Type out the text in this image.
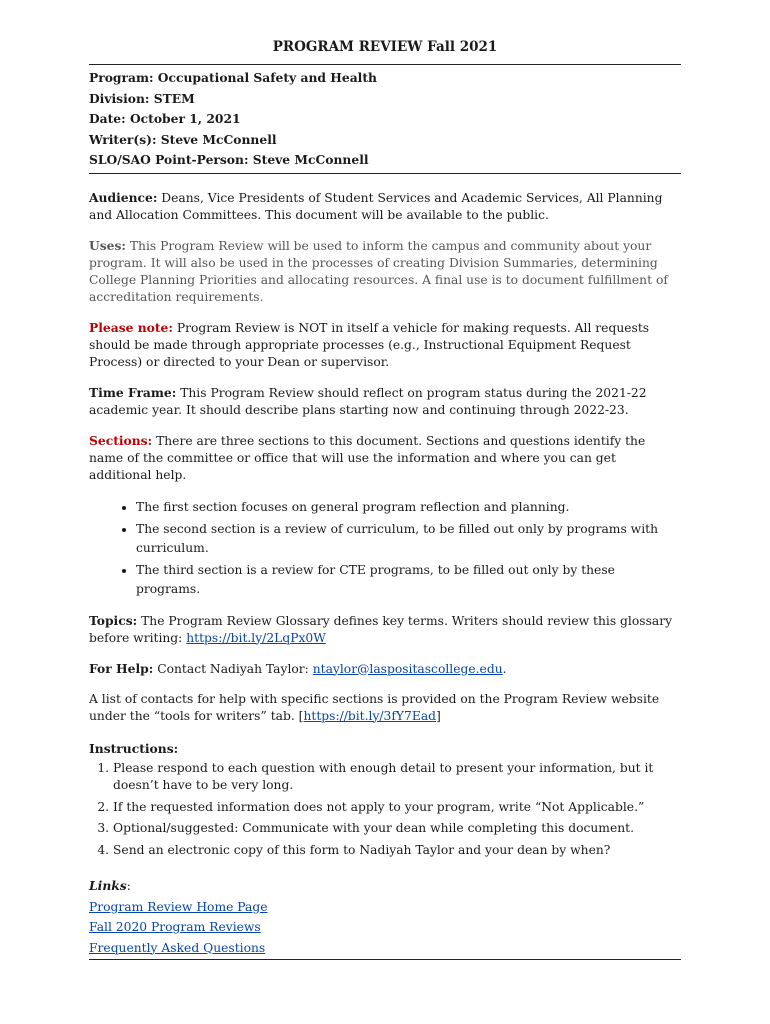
PROGRAM REVIEW Fall 2021
Program: Occupational Safety and Health
Division: STEM
Date: October 1, 2021
Writer(s): Steve McConnell
SLO/SAO Point-Person: Steve McConnell

Audience: Deans, Vice Presidents of Student Services and Academic Services, All Planning and Allocation Committees. This document will be available to the public.

Uses: This Program Review will be used to inform the campus and community about your program. It will also be used in the processes of creating Division Summaries, determining College Planning Priorities and allocating resources. A final use is to document fulfillment of accreditation requirements.

Please note: Program Review is NOT in itself a vehicle for making requests. All requests should be made through appropriate processes (e.g., Instructional Equipment Request Process) or directed to your Dean or supervisor.

Time Frame: This Program Review should reflect on program status during the 2021-22 academic year. It should describe plans starting now and continuing through 2022-23.

Sections: There are three sections to this document. Sections and questions identify the name of the committee or office that will use the information and where you can get additional help.

• The first section focuses on general program reflection and planning.
• The second section is a review of curriculum, to be filled out only by programs with curriculum.
• The third section is a review for CTE programs, to be filled out only by these programs.

Topics: The Program Review Glossary defines key terms. Writers should review this glossary before writing: https://bit.ly/2LqPx0W

For Help: Contact Nadiyah Taylor: ntaylor@laspositascollege.edu.

A list of contacts for help with specific sections is provided on the Program Review website under the “tools for writers” tab. [https://bit.ly/3fY7Ead]

Instructions:

1. Please respond to each question with enough detail to present your information, but it doesn’t have to be very long.
2. If the requested information does not apply to your program, write “Not Applicable.”
3. Optional/suggested: Communicate with your dean while completing this document.
4. Send an electronic copy of this form to Nadiyah Taylor and your dean by when?
Links:
Program Review Home Page
Fall 2020 Program Reviews
Frequently Asked Questions
